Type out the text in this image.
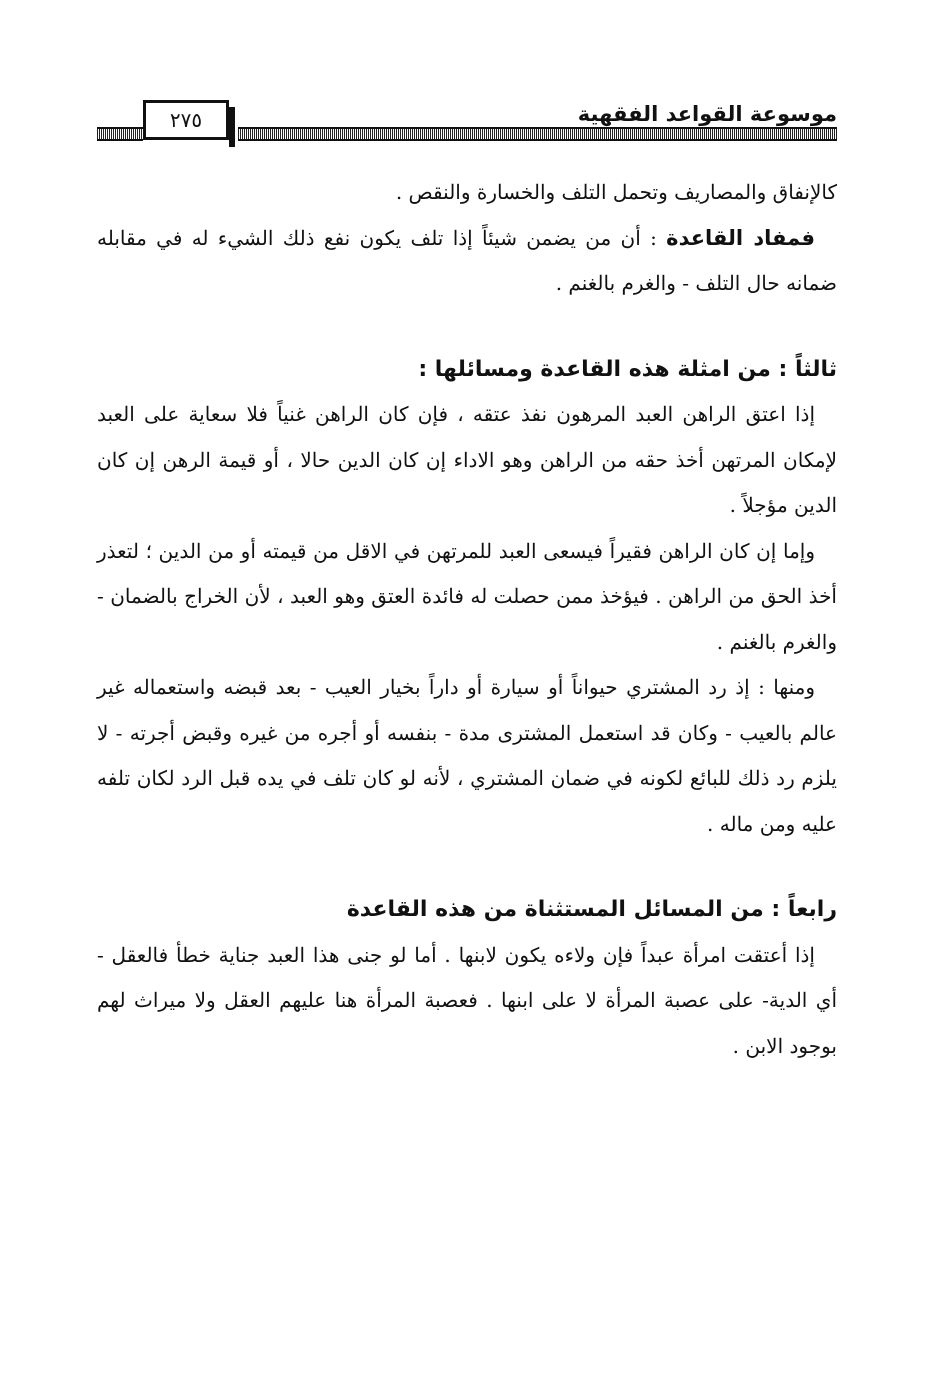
٢٧٥	موسوعة القواعد الفقهية

كالإنفاق والمصاريف وتحمل التلف والخسارة والنقص .

فمفاد القاعدة : أن من يضمن شيئاً إذا تلف يكون نفع ذلك الشيء له في مقابله ضمانه حال التلف - والغرم بالغنم .

ثالثاً : من امثلة هذه القاعدة ومسائلها :

إذا اعتق الراهن العبد المرهون نفذ عتقه ، فإن كان الراهن غنياً فلا سعاية على العبد لإمكان المرتهن أخذ حقه من الراهن وهو الاداء إن كان الدين حالا ، أو قيمة الرهن إن كان الدين مؤجلاً .

وإما إن كان الراهن فقيراً فيسعى العبد للمرتهن في الاقل من قيمته أو من الدين ؛ لتعذر أخذ الحق من الراهن . فيؤخذ ممن حصلت له فائدة العتق وهو العبد ، لأن الخراج بالضمان - والغرم بالغنم .

ومنها : إذ رد المشتري حيواناً أو سيارة أو داراً بخيار العيب - بعد قبضه واستعماله غير عالم بالعيب - وكان قد استعمل المشترى مدة - بنفسه أو أجره من غيره وقبض أجرته - لا يلزم رد ذلك للبائع لكونه في ضمان المشتري ، لأنه لو كان تلف في يده قبل الرد لكان تلفه عليه ومن ماله .

رابعاً : من المسائل المستثناة من هذه القاعدة

إذا أعتقت امرأة عبداً فإن ولاءه يكون لابنها . أما لو جنى هذا العبد جناية خطأ فالعقل - أي الدية- على عصبة المرأة لا على ابنها . فعصبة المرأة هنا عليهم العقل ولا ميراث لهم بوجود الابن .
